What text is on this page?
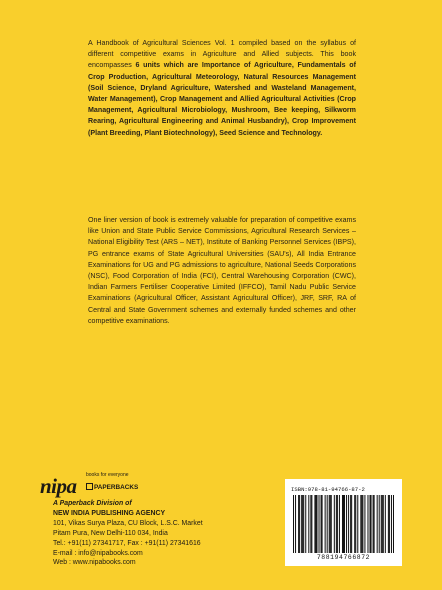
A Handbook of Agricultural Sciences Vol. 1 compiled based on the syllabus of different competitive exams in Agriculture and Allied subjects. This book encompasses 6 units which are Importance of Agriculture, Fundamentals of Crop Production, Agricultural Meteorology, Natural Resources Management (Soil Science, Dryland Agriculture, Watershed and Wasteland Management, Water Management), Crop Management and Allied Agricultural Activities (Crop Management, Agricultural Microbiology, Mushroom, Bee keeping, Silkworm Rearing, Agricultural Engineering and Animal Husbandry), Crop Improvement (Plant Breeding, Plant Biotechnology), Seed Science and Technology.

One liner version of book is extremely valuable for preparation of competitive exams like Union and State Public Service Commissions, Agricultural Research Services – National Eligibility Test (ARS – NET), Institute of Banking Personnel Services (IBPS), PG entrance exams of State Agricultural Universities (SAU's), All India Entrance Examinations for UG and PG admissions to agriculture, National Seeds Corporations (NSC), Food Corporation of India (FCI), Central Warehousing Corporation (CWC), Indian Farmers Fertiliser Cooperative Limited (IFFCO), Tamil Nadu Public Service Examinations (Agricultural Officer, Assistant Agricultural Officer), JRF, SRF, RA of Central and State Government schemes and externally funded schemes and other competitive examinations.

nipa books for everyone
PAPERBACKS
A Paperback Division of
NEW INDIA PUBLISHING AGENCY
101, Vikas Surya Plaza, CU Block, L.S.C. Market
Pitam Pura, New Delhi-110 034, India
Tel.: +91(11) 27341717, Fax : +91(11) 27341616
E-mail : info@nipabooks.com
Web : www.nipabooks.com
ISBN:978-81-94766-87-2
788194766872
